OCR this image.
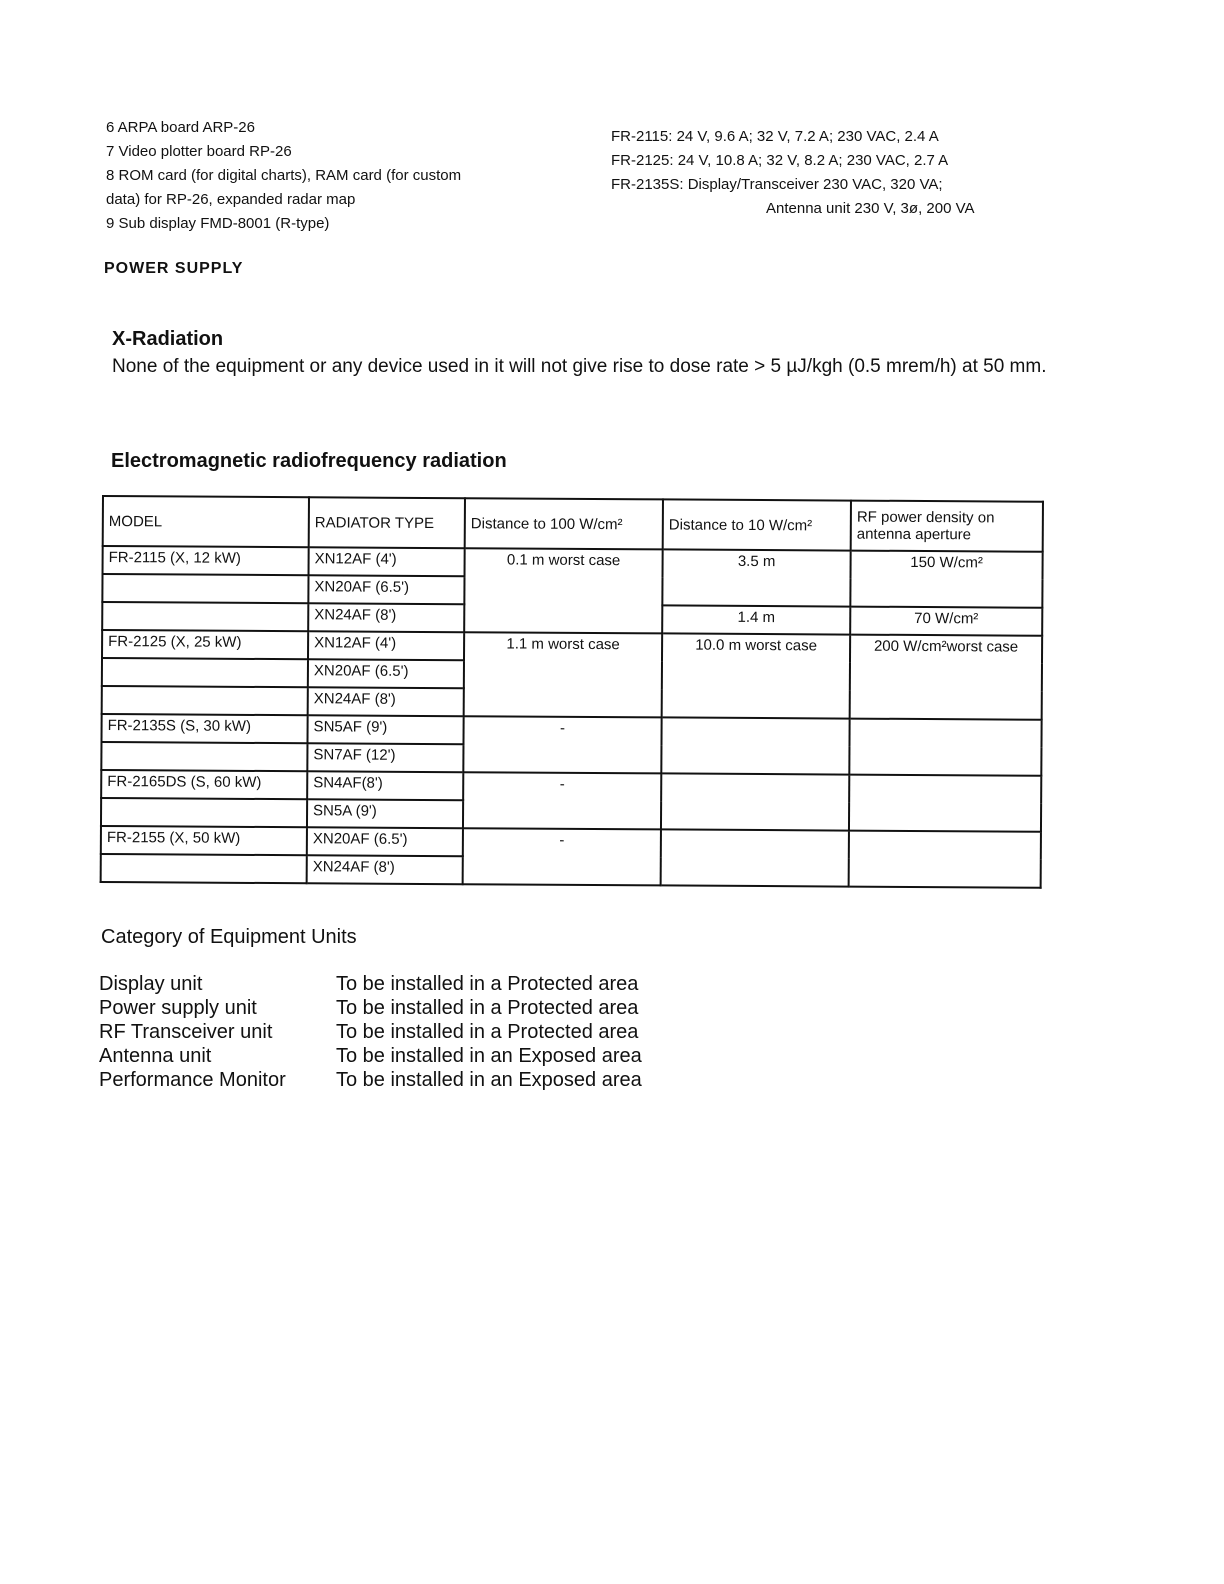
6 ARPA board ARP-26
7 Video plotter board RP-26
8 ROM card (for digital charts), RAM card (for custom
data) for RP-26, expanded radar map
9 Sub display FMD-8001 (R-type)
FR-2115: 24 V, 9.6 A; 32 V, 7.2 A; 230 VAC, 2.4 A
FR-2125: 24 V, 10.8 A; 32 V, 8.2 A; 230 VAC, 2.7 A
FR-2135S: Display/Transceiver 230 VAC, 320 VA;
Antenna unit 230 V, 3ø, 200 VA
POWER SUPPLY
X-Radiation
None of the equipment or any device used in it will not give rise to dose rate > 5 µJ/kgh (0.5 mrem/h) at 50 mm.
Electromagnetic radiofrequency radiation
MODEL	RADIATOR TYPE	Distance to 100 W/cm²	Distance to 10 W/cm²	RF power density on antenna aperture
FR-2115 (X, 12 kW)	XN12AF (4')	0.1 m worst case	3.5 m	150 W/cm²
	XN20AF (6.5')			
	XN24AF (8')		1.4 m	70 W/cm²
FR-2125 (X, 25 kW)	XN12AF (4')	1.1 m worst case	10.0 m worst case	200 W/cm²worst case
	XN20AF (6.5')			
	XN24AF (8')			
FR-2135S (S, 30 kW)	SN5AF (9')	-		
	SN7AF (12')			
FR-2165DS (S, 60 kW)	SN4AF(8')	-		
	SN5A (9')			
FR-2155 (X, 50 kW)	XN20AF (6.5')	-		
	XN24AF (8')			
Category of Equipment Units
Display unit	To be installed in a Protected area
Power supply unit	To be installed in a Protected area
RF Transceiver unit	To be installed in a Protected area
Antenna unit	To be installed in an Exposed area
Performance Monitor	To be installed in an Exposed area
